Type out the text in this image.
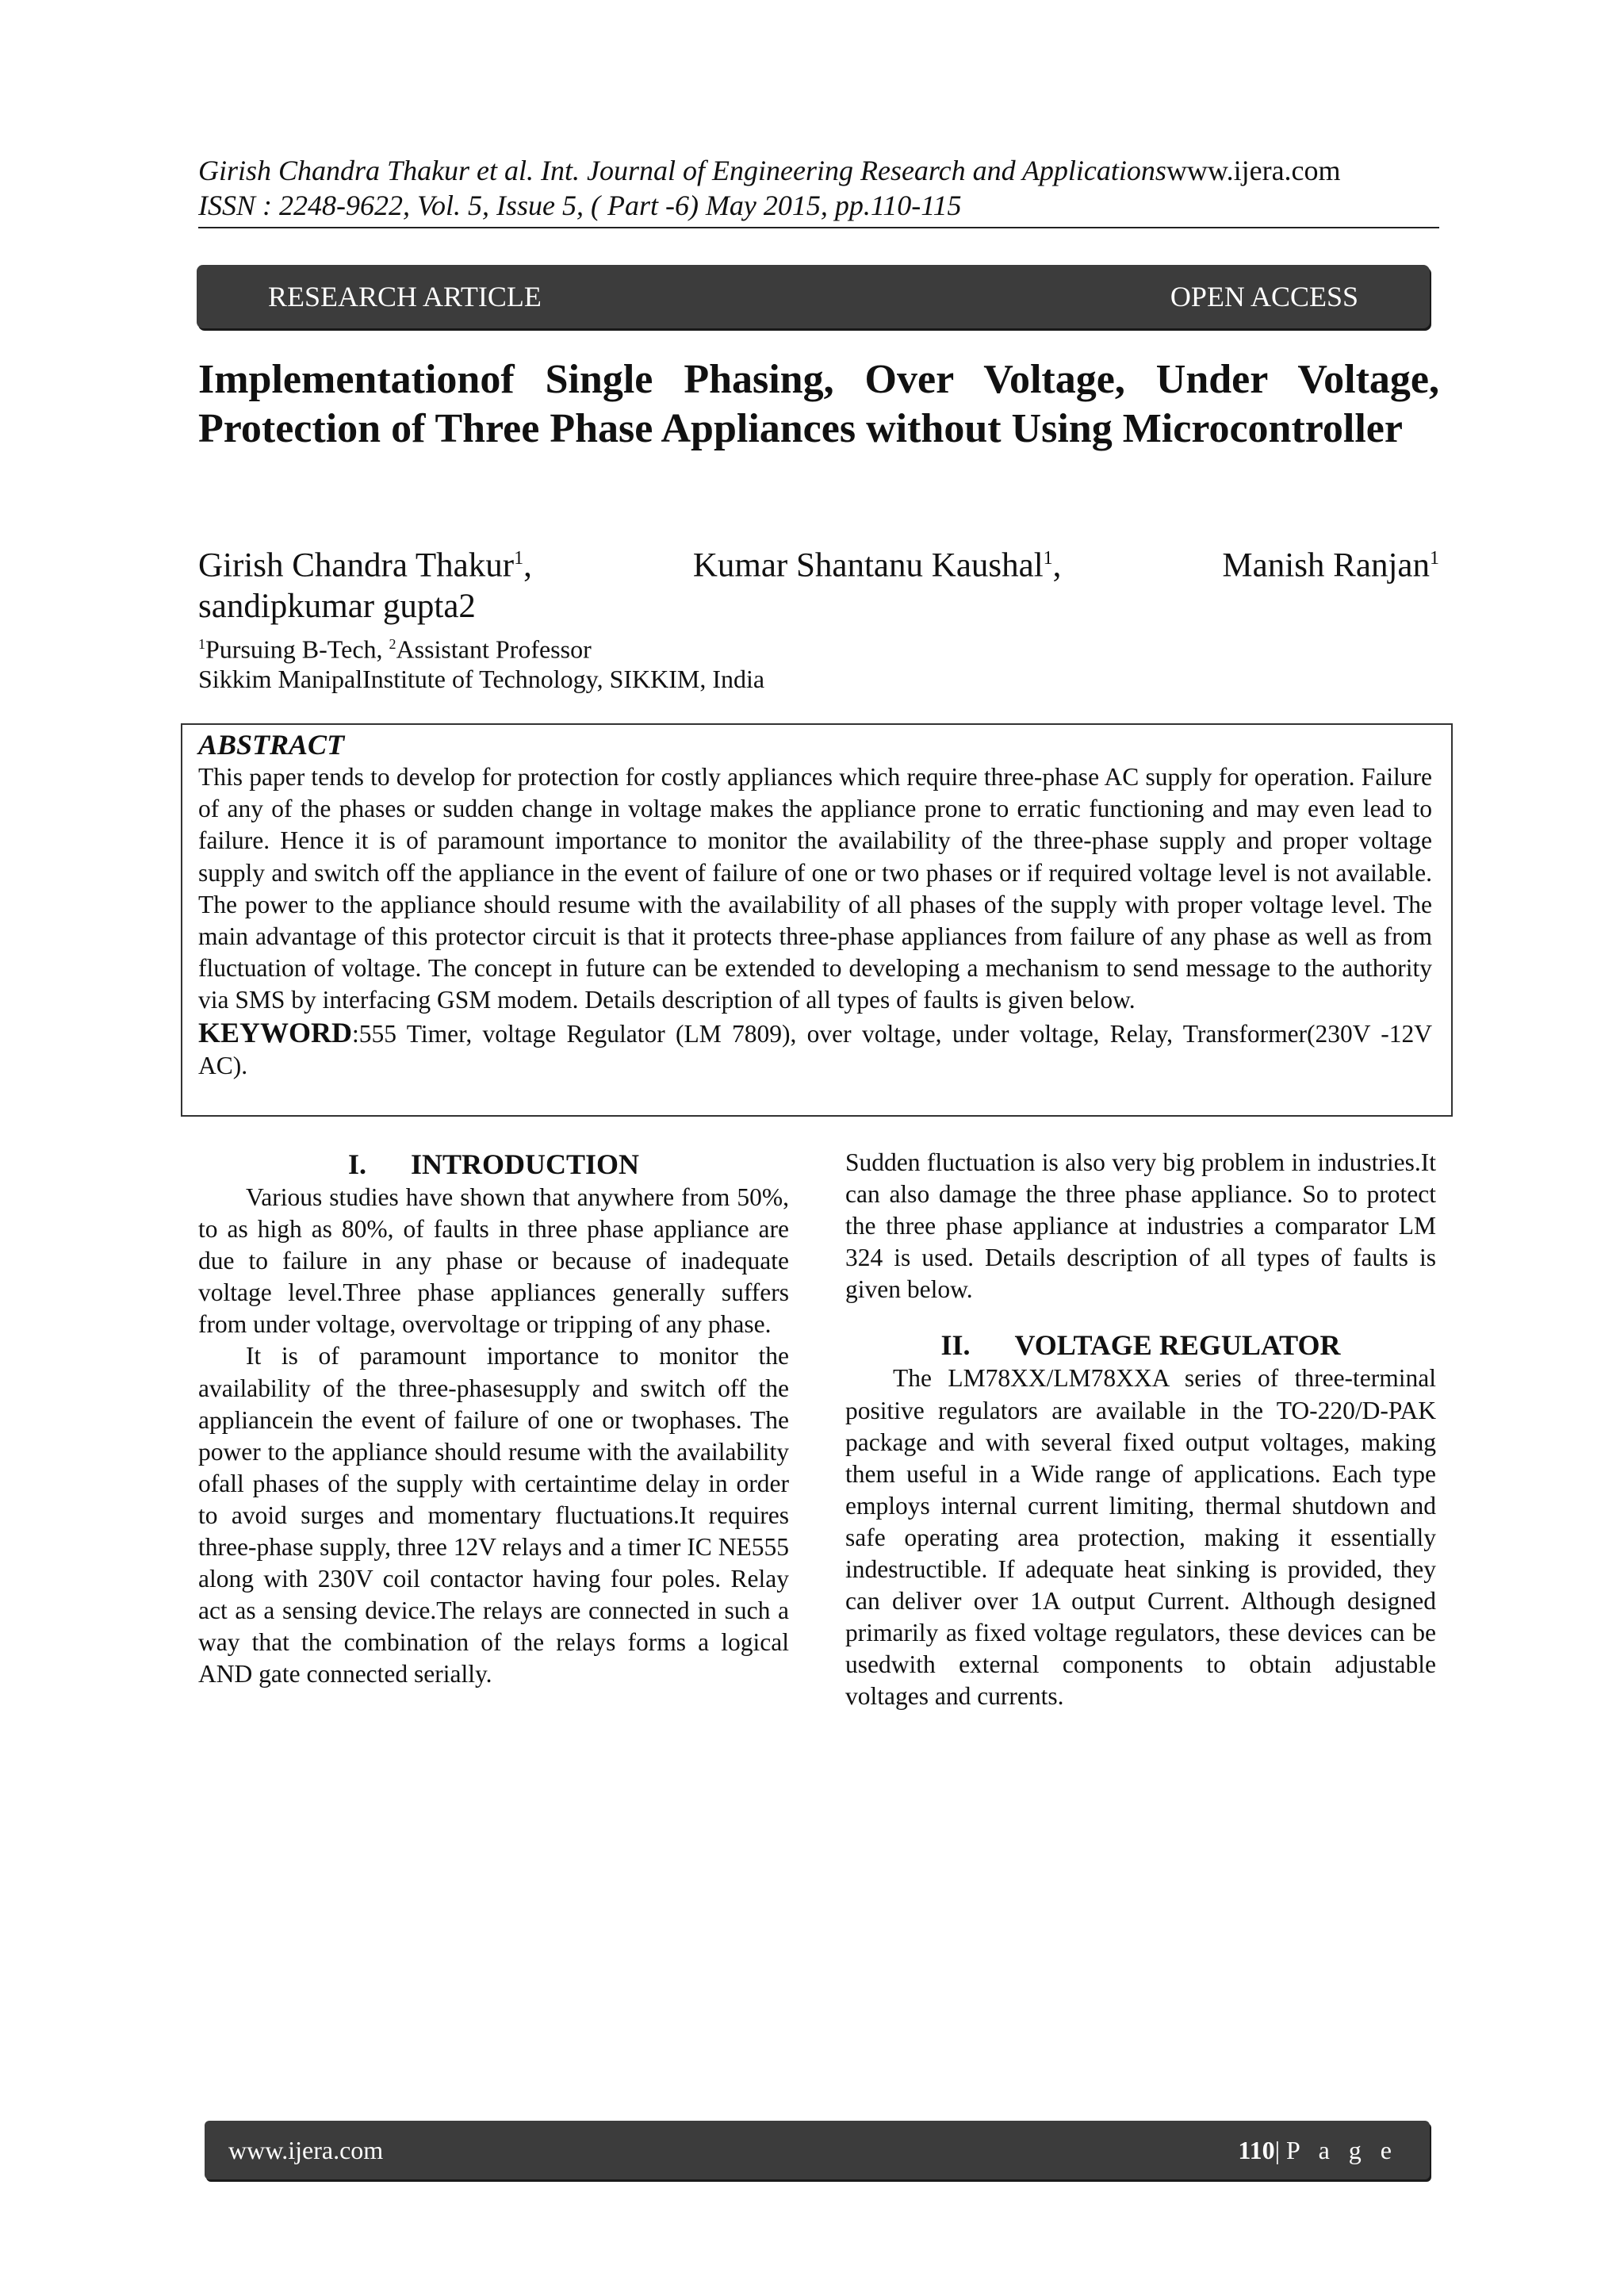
Girish Chandra Thakur et al. Int. Journal of Engineering Research and Applicationswww.ijera.com
ISSN : 2248-9622, Vol. 5, Issue 5, ( Part -6) May 2015, pp.110-115
RESEARCH ARTICLE	OPEN ACCESS
Implementationof Single Phasing, Over Voltage, Under Voltage, Protection of Three Phase Appliances without Using Microcontroller
Girish Chandra Thakur$^1$,	Kumar Shantanu Kaushal$^1$,	Manish Ranjan$^1$
sandipkumar gupta2
$^1$Pursuing B-Tech, $^2$Assistant Professor
Sikkim ManipalInstitute of Technology, SIKKIM, India
ABSTRACT

This paper tends to develop for protection for costly appliances which require three-phase AC supply for operation. Failure of any of the phases or sudden change in voltage makes the appliance prone to erratic functioning and may even lead to failure. Hence it is of paramount importance to monitor the availability of the three-phase supply and proper voltage supply and switch off the appliance in the event of failure of one or two phases or if required voltage level is not available. The power to the appliance should resume with the availability of all phases of the supply with proper voltage level. The main advantage of this protector circuit is that it protects three-phase appliances from failure of any phase as well as from fluctuation of voltage. The concept in future can be extended to developing a mechanism to send message to the authority via SMS by interfacing GSM modem. Details description of all types of faults is given below.

KEYWORD:555 Timer, voltage Regulator (LM 7809), over voltage, under voltage, Relay, Transformer(230V -12V AC).

I. INTRODUCTION

Various studies have shown that anywhere from 50%, to as high as 80%, of faults in three phase appliance are due to failure in any phase or because of inadequate voltage level.Three phase appliances generally suffers from under voltage, overvoltage or tripping of any phase.

It is of paramount importance to monitor the availability of the three-phasesupply and switch off the appliancein the event of failure of one or twophases. The power to the appliance should resume with the availability ofall phases of the supply with certaintime delay in order to avoid surges and momentary fluctuations.It requires three-phase supply, three 12V relays and a timer IC NE555 along with 230V coil contactor having four poles. Relay act as a sensing device.The relays are connected in such a way that the combination of the relays forms a logical AND gate connected serially.

Sudden fluctuation is also very big problem in industries.It can also damage the three phase appliance. So to protect the three phase appliance at industries a comparator LM 324 is used. Details description of all types of faults is given below.

II. VOLTAGE REGULATOR

The LM78XX/LM78XXA series of three-terminal positive regulators are available in the TO-220/D-PAK package and with several fixed output voltages, making them useful in a Wide range of applications. Each type employs internal current limiting, thermal shutdown and safe operating area protection, making it essentially indestructible. If adequate heat sinking is provided, they can deliver over 1A output Current. Although designed primarily as fixed voltage regulators, these devices can be usedwith external components to obtain adjustable voltages and currents.

www.ijera.com	110|P a g e
